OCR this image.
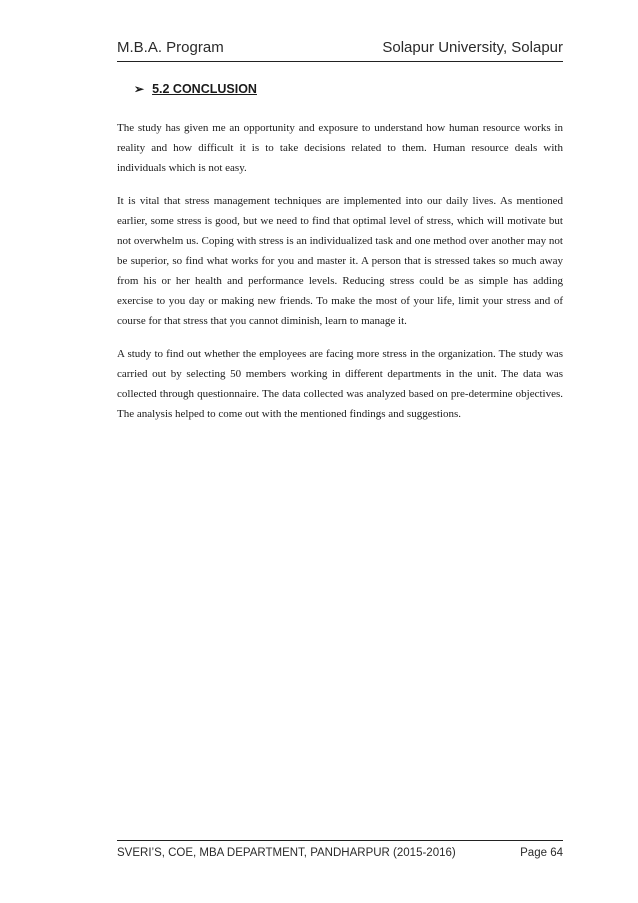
M.B.A. Program	Solapur University, Solapur
➢ 5.2 CONCLUSION

The study has given me an opportunity and exposure to understand how human resource works in reality and how difficult it is to take decisions related to them. Human resource deals with individuals which is not easy.

It is vital that stress management techniques are implemented into our daily lives. As mentioned earlier, some stress is good, but we need to find that optimal level of stress, which will motivate but not overwhelm us. Coping with stress is an individualized task and one method over another may not be superior, so find what works for you and master it. A person that is stressed takes so much away from his or her health and performance levels. Reducing stress could be as simple has adding exercise to you day or making new friends. To make the most of your life, limit your stress and of course for that stress that you cannot diminish, learn to manage it.

A study to find out whether the employees are facing more stress in the organization. The study was carried out by selecting 50 members working in different departments in the unit. The data was collected through questionnaire. The data collected was analyzed based on pre-determine objectives. The analysis helped to come out with the mentioned findings and suggestions.

SVERI’S, COE, MBA DEPARTMENT, PANDHARPUR (2015-2016)	Page 64
